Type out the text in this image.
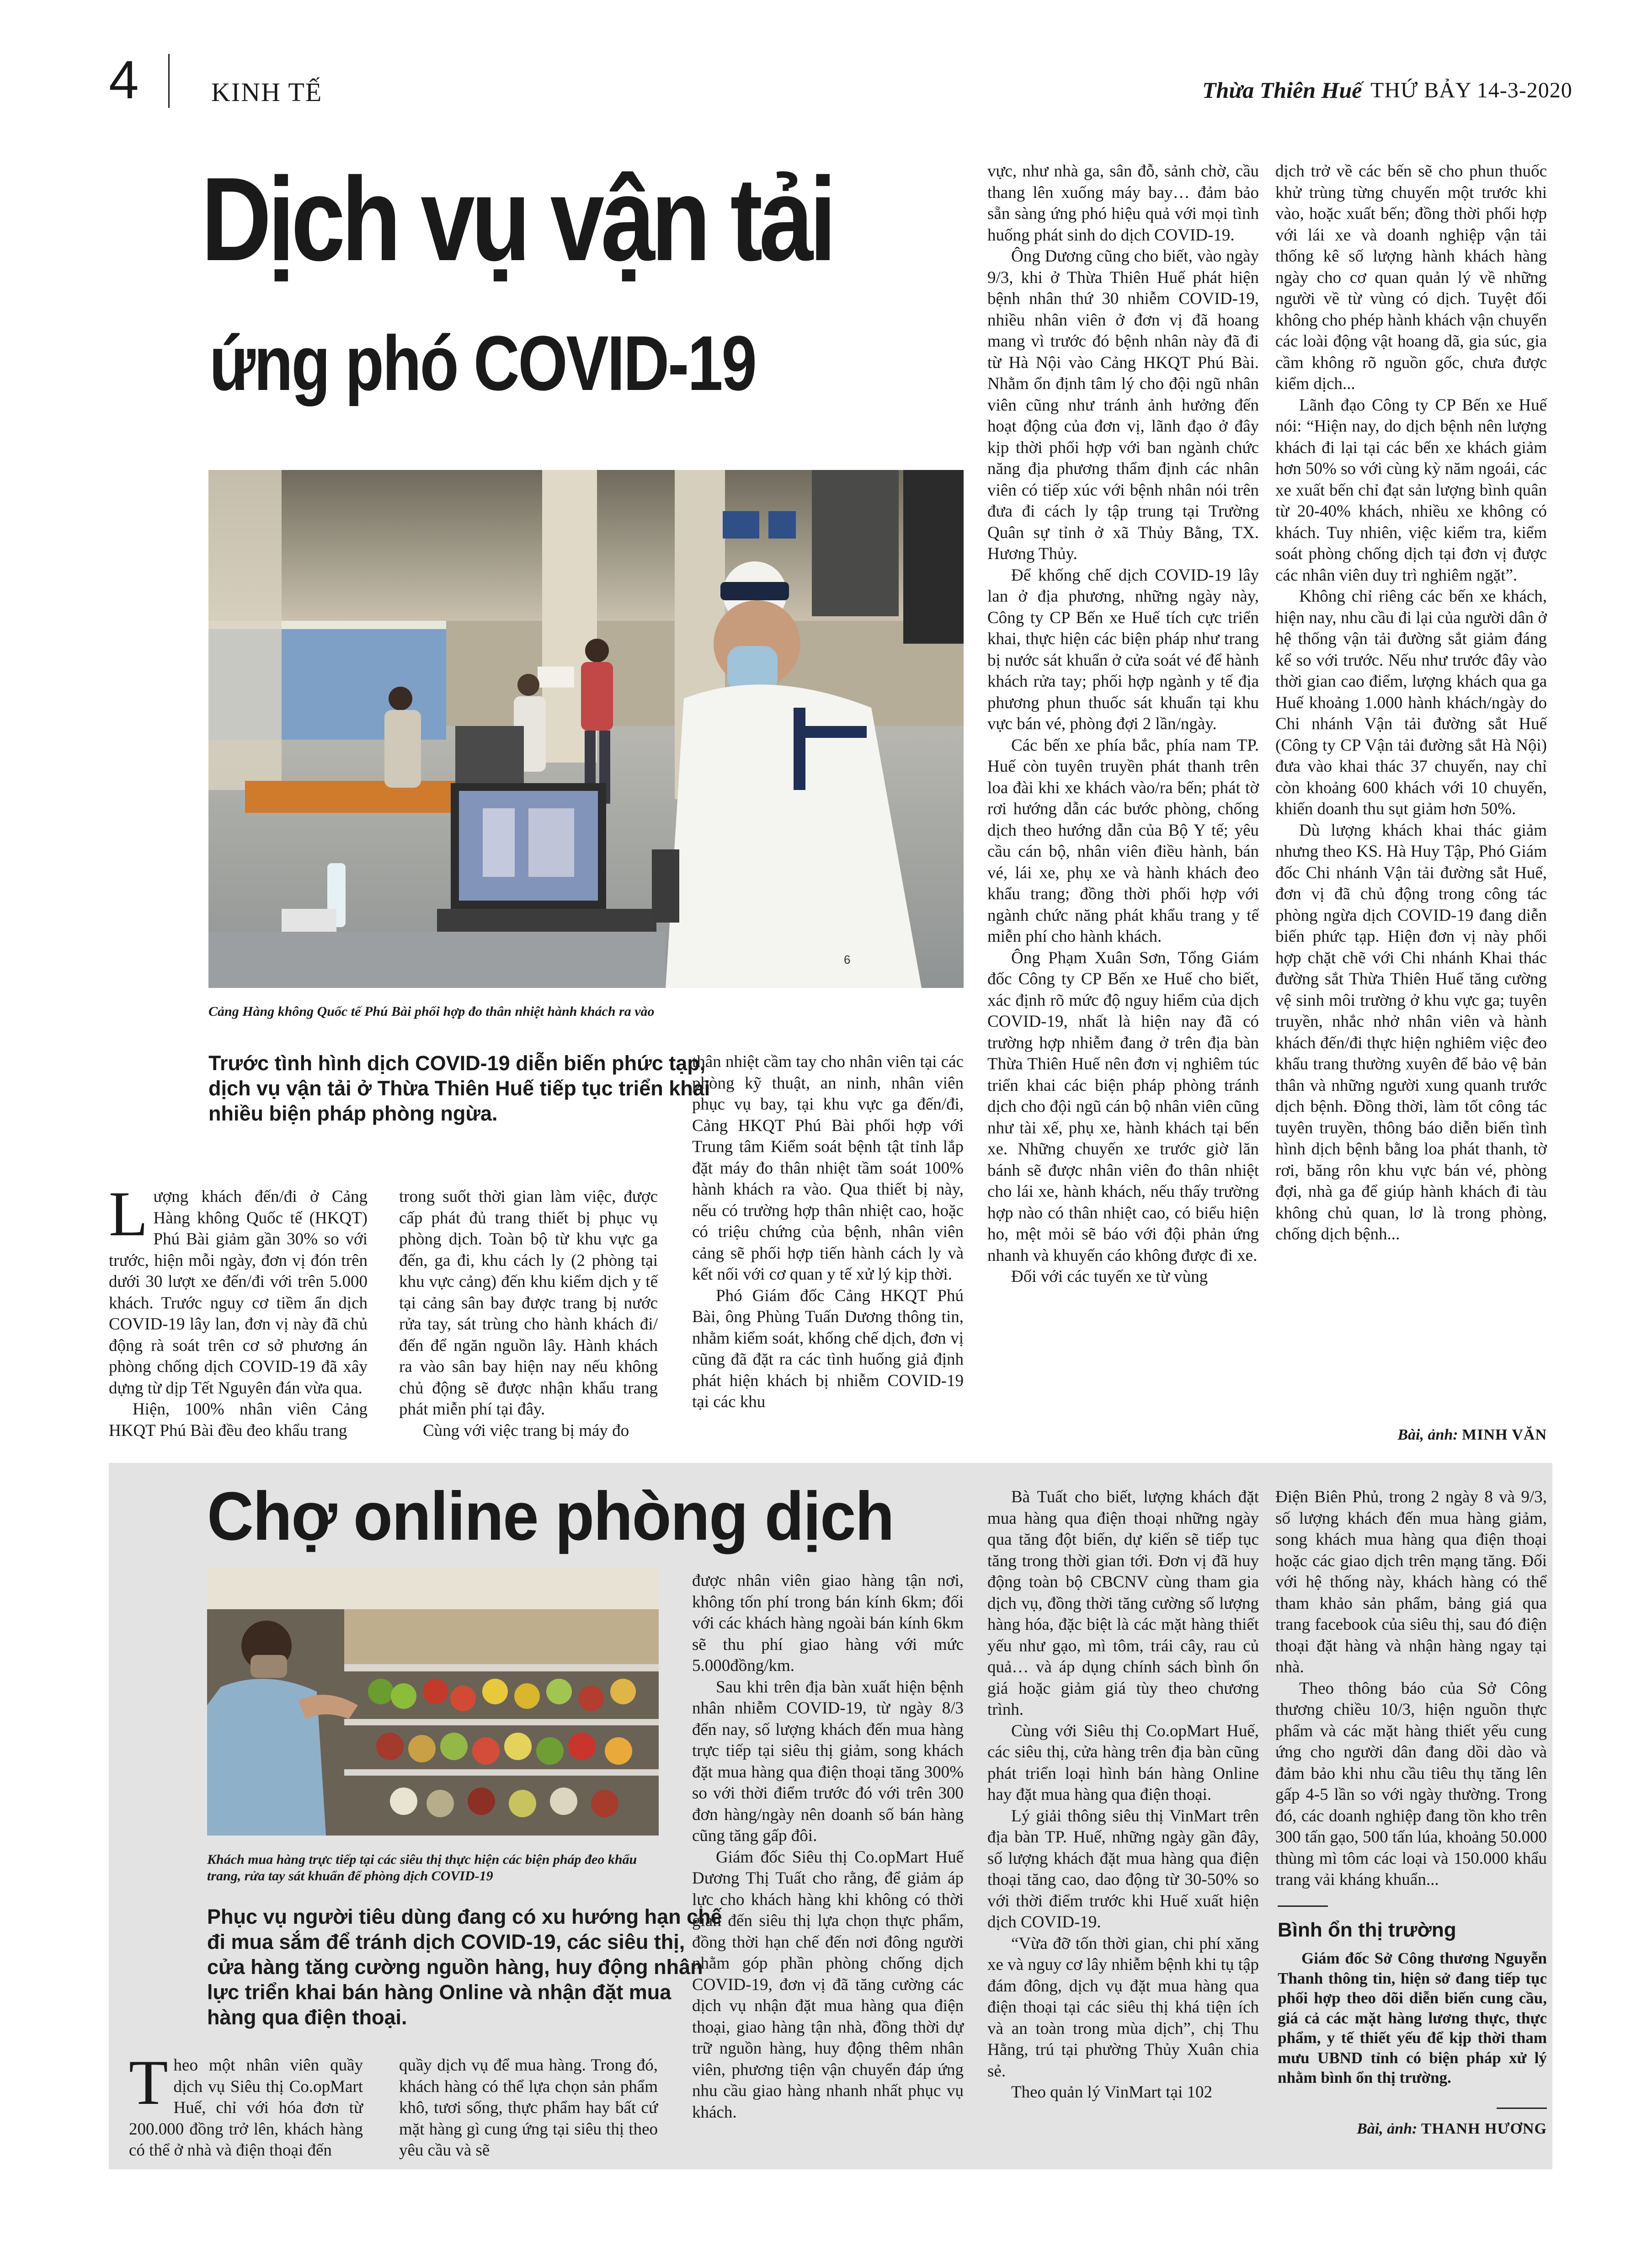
4	KINH TẾ	Thừa Thiên Huế THỨ BẢY 14-3-2020
Dịch vụ vận tải
ứng phó COVID-19
6
Cảng Hàng không Quốc tế Phú Bài phối hợp đo thân nhiệt hành khách ra vào
Trước tình hình dịch COVID-19 diễn biến phức tạp, dịch vụ vận tải ở Thừa Thiên Huế tiếp tục triển khai nhiều biện pháp phòng ngừa.

Lượng khách đến/đi ở Cảng Hàng không Quốc tế (HKQT) Phú Bài giảm gần 30% so với trước, hiện mỗi ngày, đơn vị đón trên dưới 30 lượt xe đến/đi với trên 5.000 khách. Trước nguy cơ tiềm ẩn dịch COVID-19 lây lan, đơn vị này đã chủ động rà soát trên cơ sở phương án phòng chống dịch COVID-19 đã xây dựng từ dịp Tết Nguyên đán vừa qua.

Hiện, 100% nhân viên Cảng HKQT Phú Bài đều đeo khẩu trang

trong suốt thời gian làm việc, được cấp phát đủ trang thiết bị phục vụ phòng dịch. Toàn bộ từ khu vực ga đến, ga đi, khu cách ly (2 phòng tại khu vực cảng) đến khu kiểm dịch y tế tại cảng sân bay được trang bị nước rửa tay, sát trùng cho hành khách đi/đến để ngăn nguồn lây. Hành khách ra vào sân bay hiện nay nếu không chủ động sẽ được nhận khẩu trang phát miễn phí tại đây.

Cùng với việc trang bị máy đo

thân nhiệt cầm tay cho nhân viên tại các phòng kỹ thuật, an ninh, nhân viên phục vụ bay, tại khu vực ga đến/đi, Cảng HKQT Phú Bài phối hợp với Trung tâm Kiểm soát bệnh tật tỉnh lắp đặt máy đo thân nhiệt tầm soát 100% hành khách ra vào. Qua thiết bị này, nếu có trường hợp thân nhiệt cao, hoặc có triệu chứng của bệnh, nhân viên cảng sẽ phối hợp tiến hành cách ly và kết nối với cơ quan y tế xử lý kịp thời.

Phó Giám đốc Cảng HKQT Phú Bài, ông Phùng Tuấn Dương thông tin, nhằm kiểm soát, khống chế dịch, đơn vị cũng đã đặt ra các tình huống giả định phát hiện khách bị nhiễm COVID-19 tại các khu

vực, như nhà ga, sân đỗ, sảnh chờ, cầu thang lên xuống máy bay… đảm bảo sẵn sàng ứng phó hiệu quả với mọi tình huống phát sinh do dịch COVID-19.

Ông Dương cũng cho biết, vào ngày 9/3, khi ở Thừa Thiên Huế phát hiện bệnh nhân thứ 30 nhiễm COVID-19, nhiều nhân viên ở đơn vị đã hoang mang vì trước đó bệnh nhân này đã đi từ Hà Nội vào Cảng HKQT Phú Bài. Nhằm ổn định tâm lý cho đội ngũ nhân viên cũng như tránh ảnh hưởng đến hoạt động của đơn vị, lãnh đạo ở đây kịp thời phối hợp với ban ngành chức năng địa phương thẩm định các nhân viên có tiếp xúc với bệnh nhân nói trên đưa đi cách ly tập trung tại Trường Quân sự tỉnh ở xã Thủy Bằng, TX. Hương Thủy.

Để khống chế dịch COVID-19 lây lan ở địa phương, những ngày này, Công ty CP Bến xe Huế tích cực triển khai, thực hiện các biện pháp như trang bị nước sát khuẩn ở cửa soát vé để hành khách rửa tay; phối hợp ngành y tế địa phương phun thuốc sát khuẩn tại khu vực bán vé, phòng đợi 2 lần/ngày.

Các bến xe phía bắc, phía nam TP. Huế còn tuyên truyền phát thanh trên loa đài khi xe khách vào/ra bến; phát tờ rơi hướng dẫn các bước phòng, chống dịch theo hướng dẫn của Bộ Y tế; yêu cầu cán bộ, nhân viên điều hành, bán vé, lái xe, phụ xe và hành khách đeo khẩu trang; đồng thời phối hợp với ngành chức năng phát khẩu trang y tế miễn phí cho hành khách.

Ông Phạm Xuân Sơn, Tổng Giám đốc Công ty CP Bến xe Huế cho biết, xác định rõ mức độ nguy hiểm của dịch COVID-19, nhất là hiện nay đã có trường hợp nhiễm đang ở trên địa bàn Thừa Thiên Huế nên đơn vị nghiêm túc triển khai các biện pháp phòng tránh dịch cho đội ngũ cán bộ nhân viên cũng như tài xế, phụ xe, hành khách tại bến xe. Những chuyến xe trước giờ lăn bánh sẽ được nhân viên đo thân nhiệt cho lái xe, hành khách, nếu thấy trường hợp nào có thân nhiệt cao, có biểu hiện ho, mệt mỏi sẽ báo với đội phản ứng nhanh và khuyến cáo không được đi xe.

Đối với các tuyến xe từ vùng

dịch trở về các bến sẽ cho phun thuốc khử trùng từng chuyến một trước khi vào, hoặc xuất bến; đồng thời phối hợp với lái xe và doanh nghiệp vận tải thống kê số lượng hành khách hàng ngày cho cơ quan quản lý về những người về từ vùng có dịch. Tuyệt đối không cho phép hành khách vận chuyển các loài động vật hoang dã, gia súc, gia cầm không rõ nguồn gốc, chưa được kiểm dịch...

Lãnh đạo Công ty CP Bến xe Huế nói: “Hiện nay, do dịch bệnh nên lượng khách đi lại tại các bến xe khách giảm hơn 50% so với cùng kỳ năm ngoái, các xe xuất bến chỉ đạt sản lượng bình quân từ 20-40% khách, nhiều xe không có khách. Tuy nhiên, việc kiểm tra, kiểm soát phòng chống dịch tại đơn vị được các nhân viên duy trì nghiêm ngặt”.

Không chỉ riêng các bến xe khách, hiện nay, nhu cầu đi lại của người dân ở hệ thống vận tải đường sắt giảm đáng kể so với trước. Nếu như trước đây vào thời gian cao điểm, lượng khách qua ga Huế khoảng 1.000 hành khách/ngày do Chi nhánh Vận tải đường sắt Huế (Công ty CP Vận tải đường sắt Hà Nội) đưa vào khai thác 37 chuyến, nay chỉ còn khoảng 600 khách với 10 chuyến, khiến doanh thu sụt giảm hơn 50%.

Dù lượng khách khai thác giảm nhưng theo KS. Hà Huy Tập, Phó Giám đốc Chi nhánh Vận tải đường sắt Huế, đơn vị đã chủ động trong công tác phòng ngừa dịch COVID-19 đang diễn biến phức tạp. Hiện đơn vị này phối hợp chặt chẽ với Chi nhánh Khai thác đường sắt Thừa Thiên Huế tăng cường vệ sinh môi trường ở khu vực ga; tuyên truyền, nhắc nhở nhân viên và hành khách đến/đi thực hiện nghiêm việc đeo khẩu trang thường xuyên để bảo vệ bản thân và những người xung quanh trước dịch bệnh. Đồng thời, làm tốt công tác tuyên truyền, thông báo diễn biến tình hình dịch bệnh bằng loa phát thanh, tờ rơi, băng rôn khu vực bán vé, phòng đợi, nhà ga để giúp hành khách đi tàu không chủ quan, lơ là trong phòng, chống dịch bệnh...

Bài, ảnh: MINH VĂN
Chợ online phòng dịch
Khách mua hàng trực tiếp tại các siêu thị thực hiện các biện pháp đeo khẩu trang, rửa tay sát khuẩn để phòng dịch COVID-19
Phục vụ người tiêu dùng đang có xu hướng hạn chế đi mua sắm để tránh dịch COVID-19, các siêu thị, cửa hàng tăng cường nguồn hàng, huy động nhân lực triển khai bán hàng Online và nhận đặt mua hàng qua điện thoại.

Theo một nhân viên quầy dịch vụ Siêu thị Co.opMart Huế, chỉ với hóa đơn từ 200.000 đồng trở lên, khách hàng có thể ở nhà và điện thoại đến

quầy dịch vụ để mua hàng. Trong đó, khách hàng có thể lựa chọn sản phẩm khô, tươi sống, thực phẩm hay bất cứ mặt hàng gì cung ứng tại siêu thị theo yêu cầu và sẽ

được nhân viên giao hàng tận nơi, không tốn phí trong bán kính 6km; đối với các khách hàng ngoài bán kính 6km sẽ thu phí giao hàng với mức 5.000đồng/km.

Sau khi trên địa bàn xuất hiện bệnh nhân nhiễm COVID-19, từ ngày 8/3 đến nay, số lượng khách đến mua hàng trực tiếp tại siêu thị giảm, song khách đặt mua hàng qua điện thoại tăng 300% so với thời điểm trước đó với trên 300 đơn hàng/ngày nên doanh số bán hàng cũng tăng gấp đôi.

Giám đốc Siêu thị Co.opMart Huế Dương Thị Tuất cho rằng, để giảm áp lực cho khách hàng khi không có thời gian đến siêu thị lựa chọn thực phẩm, đồng thời hạn chế đến nơi đông người nhằm góp phần phòng chống dịch COVID-19, đơn vị đã tăng cường các dịch vụ nhận đặt mua hàng qua điện thoại, giao hàng tận nhà, đồng thời dự trữ nguồn hàng, huy động thêm nhân viên, phương tiện vận chuyển đáp ứng nhu cầu giao hàng nhanh nhất phục vụ khách.

Bà Tuất cho biết, lượng khách đặt mua hàng qua điện thoại những ngày qua tăng đột biến, dự kiến sẽ tiếp tục tăng trong thời gian tới. Đơn vị đã huy động toàn bộ CBCNV cùng tham gia dịch vụ, đồng thời tăng cường số lượng hàng hóa, đặc biệt là các mặt hàng thiết yếu như gạo, mì tôm, trái cây, rau củ quả… và áp dụng chính sách bình ổn giá hoặc giảm giá tùy theo chương trình.

Cùng với Siêu thị Co.opMart Huế, các siêu thị, cửa hàng trên địa bàn cũng phát triển loại hình bán hàng Online hay đặt mua hàng qua điện thoại.

Lý giải thông siêu thị VinMart trên địa bàn TP. Huế, những ngày gần đây, số lượng khách đặt mua hàng qua điện thoại tăng cao, dao động từ 30-50% so với thời điểm trước khi Huế xuất hiện dịch COVID-19.

“Vừa đỡ tốn thời gian, chi phí xăng xe và nguy cơ lây nhiễm bệnh khi tụ tập đám đông, dịch vụ đặt mua hàng qua điện thoại tại các siêu thị khá tiện ích và an toàn trong mùa dịch”, chị Thu Hằng, trú tại phường Thủy Xuân chia sẻ.

Theo quản lý VinMart tại 102

Điện Biên Phủ, trong 2 ngày 8 và 9/3, số lượng khách đến mua hàng giảm, song khách mua hàng qua điện thoại hoặc các giao dịch trên mạng tăng. Đối với hệ thống này, khách hàng có thể tham khảo sản phẩm, bảng giá qua trang facebook của siêu thị, sau đó điện thoại đặt hàng và nhận hàng ngay tại nhà.

Theo thông báo của Sở Công thương chiều 10/3, hiện nguồn thực phẩm và các mặt hàng thiết yếu cung ứng cho người dân đang dồi dào và đảm bảo khi nhu cầu tiêu thụ tăng lên gấp 4-5 lần so với ngày thường. Trong đó, các doanh nghiệp đang tồn kho trên 300 tấn gạo, 500 tấn lúa, khoảng 50.000 thùng mì tôm các loại và 150.000 khẩu trang vải kháng khuẩn...

Bình ổn thị trường
Giám đốc Sở Công thương Nguyễn Thanh thông tin, hiện sở đang tiếp tục phối hợp theo dõi diễn biến cung cầu, giá cả các mặt hàng lương thực, thực phẩm, y tế thiết yếu để kịp thời tham mưu UBND tỉnh có biện pháp xử lý nhằm bình ổn thị trường.
Bài, ảnh: THANH HƯƠNG
